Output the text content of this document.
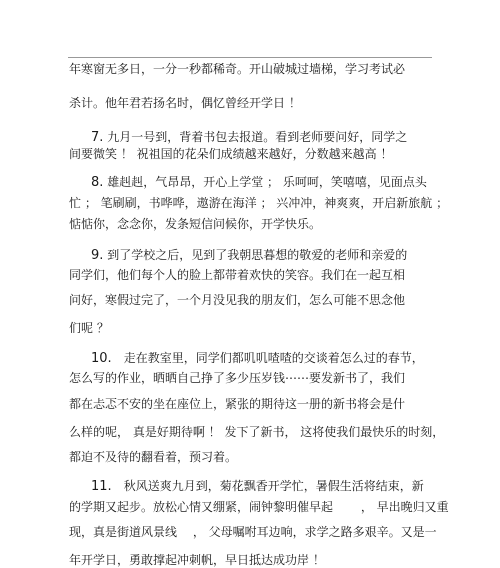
年寒窗无多日，一分一秒都稀奇。开山破城过墙梯，学习考试必
杀计。他年君若扬名时，偶忆曾经开学日 ！
7. 九月一号到，背着书包去报道。看到老师要问好，同学之
间要微笑 ！ 祝祖国的花朵们成绩越来越好，分数越来越高 ！
8. 雄赳赳，气昂昂，开心上学堂 ； 乐呵呵，笑嘻嘻，见面点头
忙 ； 笔刷刷，书哗哗，遨游在海洋 ； 兴冲冲，神爽爽，开启新旅航 ；
惦惦你，念念你，发条短信问候你，开学快乐。
9. 到了学校之后，见到了我朝思暮想的敬爱的老师和亲爱的
同学们，他们每个人的脸上都带着欢快的笑容。我们在一起互相
问好，寒假过完了，一个月没见我的朋友们，怎么可能不思念他
们呢 ？
10.　走在教室里，同学们都叽叽喳喳的交谈着怎么过的春节，
怎么写的作业，晒晒自己挣了多少压岁钱⋯⋯要发新书了，我们
都在忐忑不安的坐在座位上，紧张的期待这一册的新书将会是什
么样的呢， 真是好期待啊 ！ 发下了新书， 这将使我们最快乐的时刻，
都迫不及待的翻看着，预习着。
11.　秋风送爽九月到，菊花飘香开学忙，暑假生活将结束，新
的学期又起步。放松心情又绷紧，闹钟黎明催早起　　 ， 早出晚归又重
现，真是街道风景线　 ， 父母嘱咐耳边响，求学之路多艰辛。又是一
年开学日，勇敢撑起冲刺帆，早日抵达成功岸 ！
